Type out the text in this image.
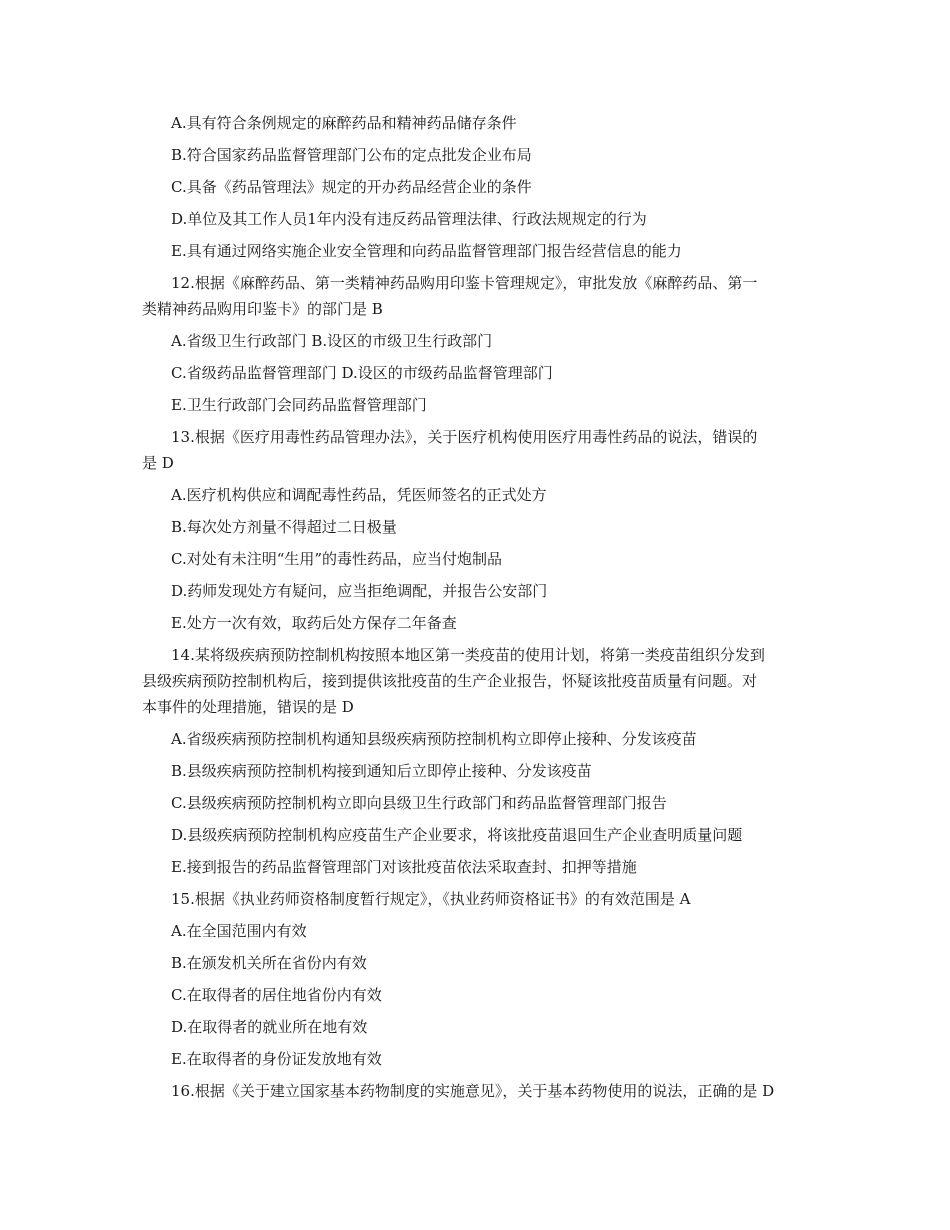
A.具有符合条例规定的麻醉药品和精神药品储存条件
B.符合国家药品监督管理部门公布的定点批发企业布局
C.具备《药品管理法》规定的开办药品经营企业的条件
D.单位及其工作人员1年内没有违反药品管理法律、行政法规规定的行为
E.具有通过网络实施企业安全管理和向药品监督管理部门报告经营信息的能力
12.根据《麻醉药品、第一类精神药品购用印鉴卡管理规定》，审批发放《麻醉药品、第一
类精神药品购用印鉴卡》的部门是 B
A.省级卫生行政部门 B.设区的市级卫生行政部门
C.省级药品监督管理部门 D.设区的市级药品监督管理部门
E.卫生行政部门会同药品监督管理部门
13.根据《医疗用毒性药品管理办法》，关于医疗机构使用医疗用毒性药品的说法，错误的
是 D
A.医疗机构供应和调配毒性药品，凭医师签名的正式处方
B.每次处方剂量不得超过二日极量
C.对处有未注明“生用”的毒性药品，应当付炮制品
D.药师发现处方有疑问，应当拒绝调配，并报告公安部门
E.处方一次有效，取药后处方保存二年备查
14.某将级疾病预防控制机构按照本地区第一类疫苗的使用计划，将第一类疫苗组织分发到
县级疾病预防控制机构后，接到提供该批疫苗的生产企业报告，怀疑该批疫苗质量有问题。对
本事件的处理措施，错误的是 D
A.省级疾病预防控制机构通知县级疾病预防控制机构立即停止接种、分发该疫苗
B.县级疾病预防控制机构接到通知后立即停止接种、分发该疫苗
C.县级疾病预防控制机构立即向县级卫生行政部门和药品监督管理部门报告
D.县级疾病预防控制机构应疫苗生产企业要求，将该批疫苗退回生产企业查明质量问题
E.接到报告的药品监督管理部门对该批疫苗依法采取查封、扣押等措施
15.根据《执业药师资格制度暂行规定》，《执业药师资格证书》的有效范围是 A
A.在全国范围内有效
B.在颁发机关所在省份内有效
C.在取得者的居住地省份内有效
D.在取得者的就业所在地有效
E.在取得者的身份证发放地有效
16.根据《关于建立国家基本药物制度的实施意见》，关于基本药物使用的说法，正确的是 D
